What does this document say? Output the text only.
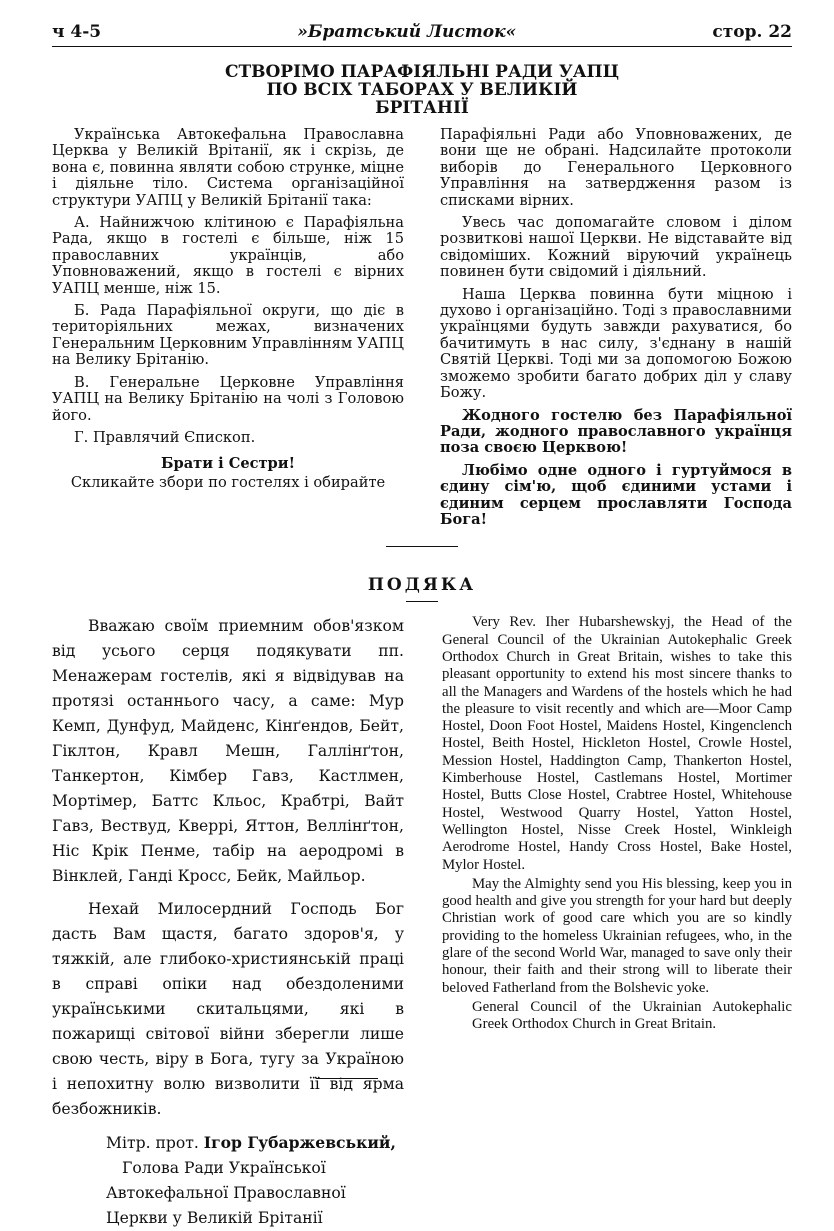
ч 4-5	»Братський Листок«	стор. 22
СТВОРІМО ПАРАФІЯЛЬНІ РАДИ УАПЦ
ПО ВСІХ ТАБОРАХ У ВЕЛИКІЙ
БРІТАНІЇ

Українська Автокефальна Православна Церква у Великій Врітанії, як і скрізь, де вона є, повинна являти собою струнке, міцне і діяльне тіло. Система організаційної структури УАПЦ у Великій Брітанії така:

А. Найнижчою клітиною є Парафіяльна Рада, якщо в гостелі є більше, ніж 15 православних українців, або Уповноважений, якщо в гостелі є вірних УАПЦ менше, ніж 15.

Б. Рада Парафіяльної округи, що діє в територіяльних межах, визначених Генеральним Церковним Управлінням УАПЦ на Велику Брітанію.

В. Генеральне Церковне Управління УАПЦ на Велику Брітанію на чолі з Головою його.

Г. Правлячий Єпископ.

Брати і Сестри!

Скликайте збори по гостелях і обирайте

Парафіяльні Ради або Уповноважених, де вони ще не обрані. Надсилайте протоколи виборів до Генерального Церковного Управління на затвердження разом із списками вірних.

Увесь час допомагайте словом і ділом розвиткові нашої Церкви. Не відставайте від свідоміших. Кожний віруючий українець повинен бути свідомий і діяльний.

Наша Церква повинна бути міцною і духово і організаційно. Тоді з православними українцями будуть завжди рахуватися, бо бачитимуть в нас силу, з'єднану в нашій Святій Церкві. Тоді ми за допомогою Божою зможемо зробити багато добрих діл у славу Божу.

Жодного гостелю без Парафіяльної Ради, жодного православного українця поза своєю Церквою!

Любімо одне одного і гуртуймося в єдину сім'ю, щоб єдиними устами і єдиним серцем прославляти Господа Бога!

ПОДЯКА

Вважаю своїм приемним обов'язком від усього серця подякувати пп. Менажерам гостелів, які я відвідував на протязі останнього часу, а саме: Мур Кемп, Дунфуд, Майденс, Кінґендов, Бейт, Гіклтон, Кравл Мешн, Галлінґтон, Танкертон, Кімбер Гавз, Кастлмен, Мортімер, Баттс Кльос, Крабтрі, Вайт Гавз, Вествуд, Кверрі, Яттон, Веллінґтон, Ніс Крік Пенме, табір на аеродромі в Вінклей, Ганді Кросс, Бейк, Майльор.

Нехай Милосердний Господь Бог дасть Вам щастя, багато здоров'я, у тяжкій, але глибоко-християнській праці в справі опіки над обездоленими українськими скитальцями, які в пожарищі світової війни зберегли лише свою честь, віру в Бога, тугу за Україною і непохитну волю визволити її від ярма безбожників.

Мітр. прот. Ігор Губаржевський,
Голова Ради Української
Автокефальної Православної
Церкви у Великій Брітанії

Very Rev. Iher Hubarshewskyj, the Head of the General Council of the Ukrainian Autokephalic Greek Orthodox Church in Great Britain, wishes to take this pleasant opportunity to extend his most sincere thanks to all the Managers and Wardens of the hostels which he had the pleasure to visit recently and which are—Moor Camp Hostel, Doon Foot Hostel, Maidens Hostel, Kingenclench Hostel, Beith Hostel, Hickleton Hostel, Crowle Hostel, Mession Hostel, Haddington Camp, Thankerton Hostel, Kimberhouse Hostel, Castlemans Hostel, Mortimer Hostel, Butts Close Hostel, Crabtree Hostel, Whitehouse Hostel, Westwood Quarry Hostel, Yatton Hostel, Wellington Hostel, Nisse Creek Hostel, Winkleigh Aerodrome Hostel, Handy Cross Hostel, Bake Hostel, Mylor Hostel.

May the Almighty send you His blessing, keep you in good health and give you strength for your hard but deeply Christian work of good care which you are so kindly providing to the homeless Ukrainian refugees, who, in the glare of the second World War, managed to save only their honour, their faith and their strong will to liberate their beloved Fatherland from the Bolshevic yoke.

General Council of the Ukrainian Autokephalic Greek Orthodox Church in Great Britain.
